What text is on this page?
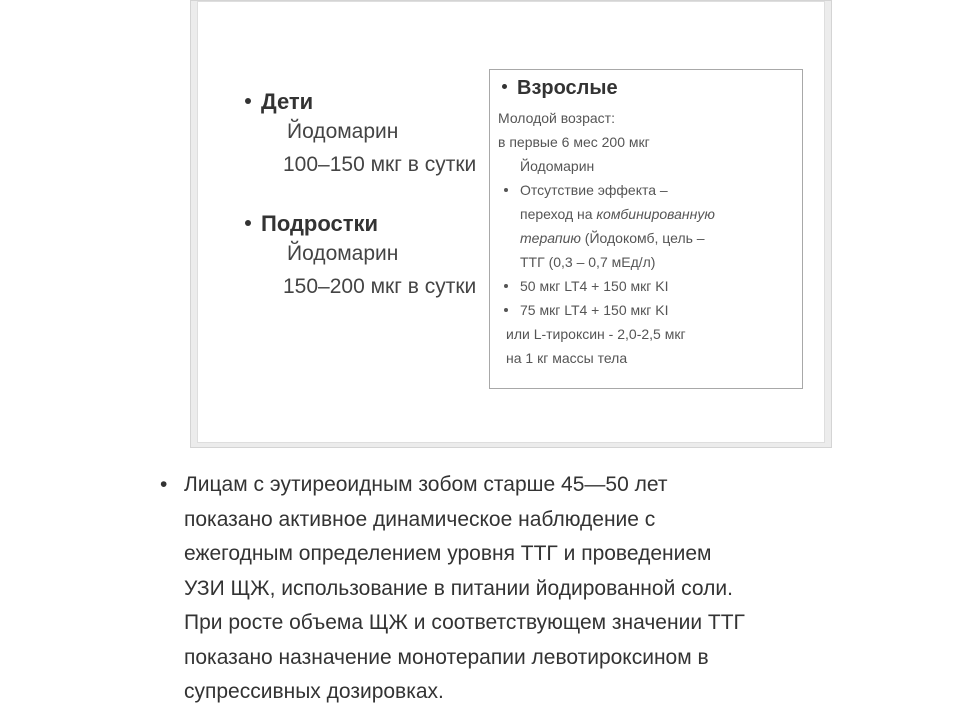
Дети
Йодомарин
100–150 мкг в сутки
Подростки
Йодомарин
150–200 мкг в сутки
Взрослые
Молодой возраст:
в первые 6 мес 200 мкг
Йодомарин
Отсутствие эффекта –
переход на комбинированную
терапию (Йодокомб, цель –
ТТГ (0,3 – 0,7 мЕд/л)
50 мкг LT4 + 150 мкг KI
75 мкг LT4 + 150 мкг KI
или L-тироксин - 2,0-2,5 мкг
на 1 кг массы тела
• Лицам с эутиреоидным зобом старше 45—50 лет
показано активное динамическое наблюдение с
ежегодным определением уровня ТТГ и проведением
УЗИ ЩЖ, использование в питании йодированной соли.
При росте объема ЩЖ и соответствующем значении ТТГ
показано назначение монотерапии левотироксином в
супрессивных дозировках.
